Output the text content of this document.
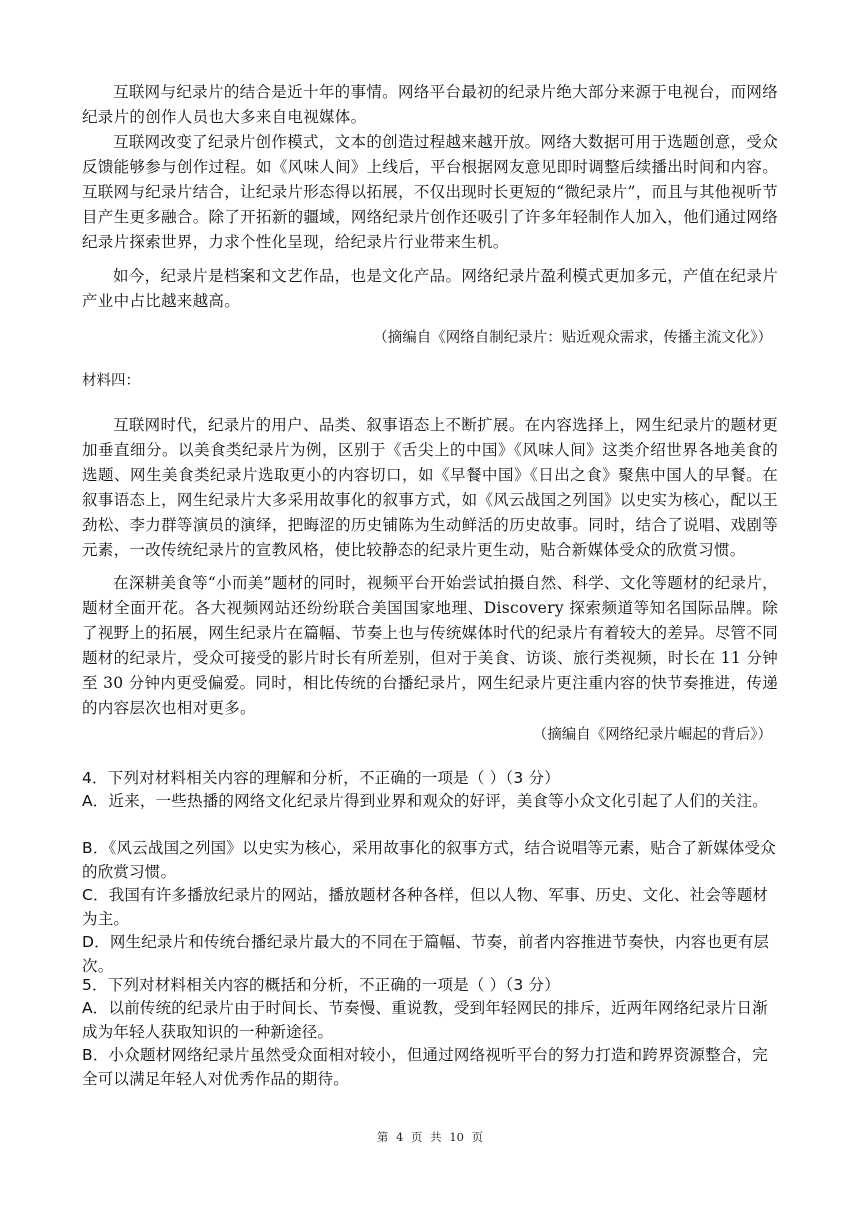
互联网与纪录片的结合是近十年的事情。网络平台最初的纪录片绝大部分来源于电视台，而网络纪录片的创作人员也大多来自电视媒体。

互联网改变了纪录片创作模式，文本的创造过程越来越开放。网络大数据可用于选题创意，受众反馈能够参与创作过程。如《风味人间》上线后，平台根据网友意见即时调整后续播出时间和内容。互联网与纪录片结合，让纪录片形态得以拓展，不仅出现时长更短的“微纪录片”，而且与其他视听节目产生更多融合。除了开拓新的疆域，网络纪录片创作还吸引了许多年轻制作人加入，他们通过网络纪录片探索世界，力求个性化呈现，给纪录片行业带来生机。

如今，纪录片是档案和文艺作品，也是文化产品。网络纪录片盈利模式更加多元，产值在纪录片产业中占比越来越高。

（摘编自《网络自制纪录片：贴近观众需求，传播主流文化》）

材料四：

互联网时代，纪录片的用户、品类、叙事语态上不断扩展。在内容选择上，网生纪录片的题材更加垂直细分。以美食类纪录片为例，区别于《舌尖上的中国》《风味人间》这类介绍世界各地美食的选题、网生美食类纪录片选取更小的内容切口，如《早餐中国》《日出之食》聚焦中国人的早餐。在叙事语态上，网生纪录片大多采用故事化的叙事方式，如《风云战国之列国》以史实为核心，配以王劲松、李力群等演员的演绎，把晦涩的历史铺陈为生动鲜活的历史故事。同时，结合了说唱、戏剧等元素，一改传统纪录片的宣教风格，使比较静态的纪录片更生动，贴合新媒体受众的欣赏习惯。

在深耕美食等“小而美”题材的同时，视频平台开始尝试拍摄自然、科学、文化等题材的纪录片，题材全面开花。各大视频网站还纷纷联合美国国家地理、Discovery 探索频道等知名国际品牌。除了视野上的拓展，网生纪录片在篇幅、节奏上也与传统媒体时代的纪录片有着较大的差异。尽管不同题材的纪录片，受众可接受的影片时长有所差别，但对于美食、访谈、旅行类视频，时长在 11 分钟至 30 分钟内更受偏爱。同时，相比传统的台播纪录片，网生纪录片更注重内容的快节奏推进，传递的内容层次也相对更多。

（摘编自《网络纪录片崛起的背后》）

4．下列对材料相关内容的理解和分析，不正确的一项是（ ）（3 分）

A．近来，一些热播的网络文化纪录片得到业界和观众的好评，美食等小众文化引起了人们的关注。

B．《风云战国之列国》以史实为核心，采用故事化的叙事方式，结合说唱等元素，贴合了新媒体受众的欣赏习惯。

C．我国有许多播放纪录片的网站，播放题材各种各样，但以人物、军事、历史、文化、社会等题材为主。

D．网生纪录片和传统台播纪录片最大的不同在于篇幅、节奏，前者内容推进节奏快，内容也更有层次。

5．下列对材料相关内容的概括和分析，不正确的一项是（ ）（3 分）

A．以前传统的纪录片由于时间长、节奏慢、重说教，受到年轻网民的排斥，近两年网络纪录片日渐成为年轻人获取知识的一种新途径。

B．小众题材网络纪录片虽然受众面相对较小，但通过网络视听平台的努力打造和跨界资源整合，完全可以满足年轻人对优秀作品的期待。

第 4 页 共 10 页
